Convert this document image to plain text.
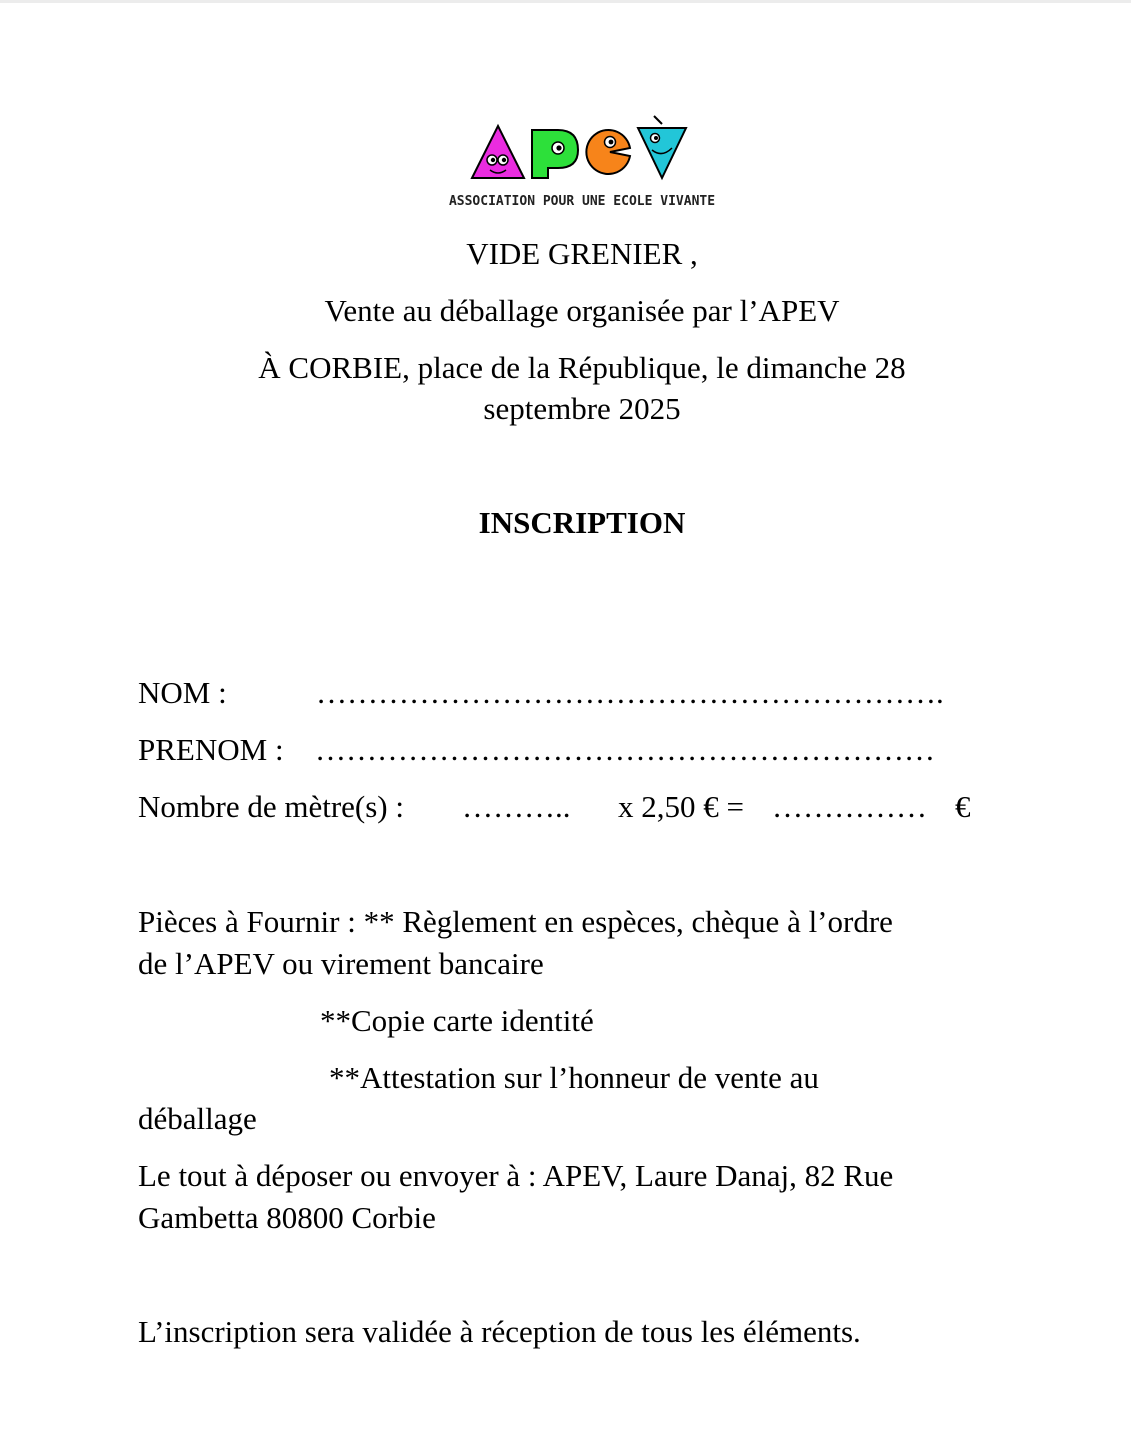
ASSOCIATION POUR UNE ECOLE VIVANTE
VIDE GRENIER ,
Vente au déballage organisée par l’APEV
À CORBIE, place de la République, le dimanche 28
septembre 2025
INSCRIPTION
NOM :	…………………………………………………….
PRENOM : ……………………………………………………
Nombre de mètre(s) : ……….. x 2,50 € = …………… €
Pièces à Fournir : ** Règlement en espèces, chèque à l’ordre
de l’APEV ou virement bancaire
**Copie carte identité
**Attestation sur l’honneur de vente au
déballage
Le tout à déposer ou envoyer à : APEV, Laure Danaj, 82 Rue
Gambetta 80800 Corbie
L’inscription sera validée à réception de tous les éléments.
